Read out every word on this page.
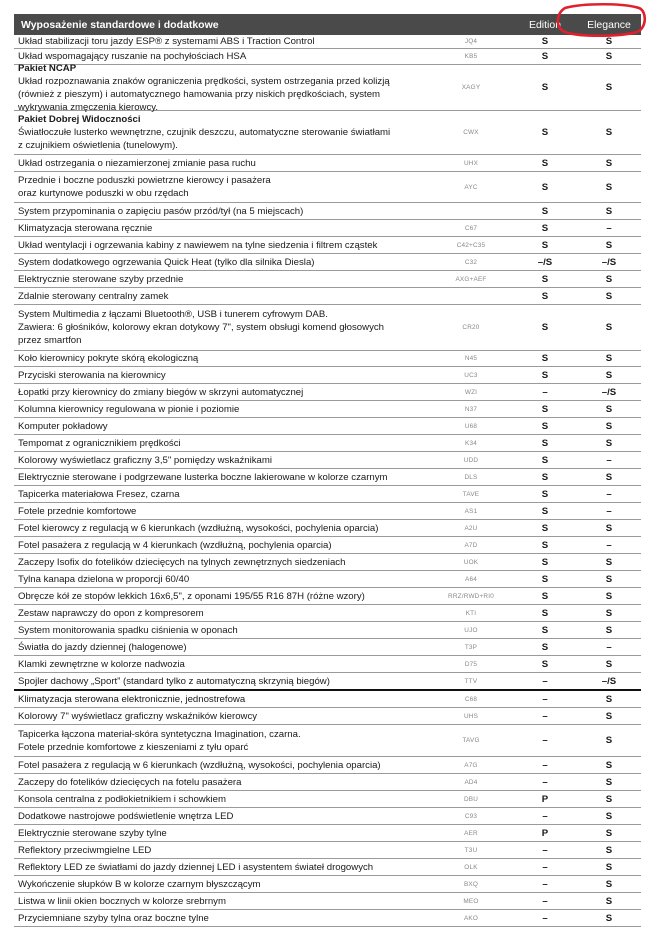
Wyposażenie standardowe i dodatkowe	Edition	Elegance
Układ stabilizacji toru jazdy ESP® z systemami ABS i Traction Control	JQ4	S	S
Układ wspomagający ruszanie na pochyłościach HSA	KB5	S	S
Pakiet NCAP
Układ rozpoznawania znaków ograniczenia prędkości, system ostrzegania przed kolizją
(również z pieszym) i automatycznego hamowania przy niskich prędkościach, system
wykrywania zmęczenia kierowcy.
XAGY	S	S
Pakiet Dobrej Widoczności
Światłoczułe lusterko wewnętrzne, czujnik deszczu, automatyczne sterowanie światłami
z czujnikiem oświetlenia (tunelowym).
CWX	S	S
Układ ostrzegania o niezamierzonej zmianie pasa ruchu	UHX	S	S
Przednie i boczne poduszki powietrzne kierowcy i pasażera
oraz kurtynowe poduszki w obu rzędach
AYC	S	S
System przypominania o zapięciu pasów przód/tył (na 5 miejscach)	S	S
Klimatyzacja sterowana ręcznie	C67	S	–
Układ wentylacji i ogrzewania kabiny z nawiewem na tylne siedzenia i filtrem cząstek	C42+C35	S	S
System dodatkowego ogrzewania Quick Heat (tylko dla silnika Diesla)	C32	–/S	–/S
Elektrycznie sterowane szyby przednie	AXG+AEF	S	S
Zdalnie sterowany centralny zamek	S	S
System Multimedia z łączami Bluetooth®, USB i tunerem cyfrowym DAB.
Zawiera: 6 głośników, kolorowy ekran dotykowy 7", system obsługi komend głosowych
przez smartfon
CR20	S	S
Koło kierownicy pokryte skórą ekologiczną	N45	S	S
Przyciski sterowania na kierownicy	UC3	S	S
Łopatki przy kierownicy do zmiany biegów w skrzyni automatycznej	WZI	–	–/S
Kolumna kierownicy regulowana w pionie i poziomie	N37	S	S
Komputer pokładowy	U68	S	S
Tempomat z ogranicznikiem prędkości	K34	S	S
Kolorowy wyświetlacz graficzny 3,5" pomiędzy wskaźnikami	UDD	S	–
Elektrycznie sterowane i podgrzewane lusterka boczne lakierowane w kolorze czarnym	DLS	S	S
Tapicerka materiałowa Fresez, czarna	TAVE	S	–
Fotele przednie komfortowe	AS1	S	–
Fotel kierowcy z regulacją w 6 kierunkach (wzdłużną, wysokości, pochylenia oparcia)	A2U	S	S
Fotel pasażera z regulacją w 4 kierunkach (wzdłużną, pochylenia oparcia)	A7D	S	–
Zaczepy Isofix do fotelików dziecięcych na tylnych zewnętrznych siedzeniach	UOK	S	S
Tylna kanapa dzielona w proporcji 60/40	A64	S	S
Obręcze kół ze stopów lekkich 16x6,5", z oponami 195/55 R16 87H (różne wzory)	RRZ/RWD+RI0	S	S
Zestaw naprawczy do opon z kompresorem	KTI	S	S
System monitorowania spadku ciśnienia w oponach	UJO	S	S
Światła do jazdy dziennej (halogenowe)	T3P	S	–
Klamki zewnętrzne w kolorze nadwozia	D75	S	S
Spojler dachowy „Sport” (standard tylko z automatyczną skrzynią biegów)	TTV	–	–/S
Klimatyzacja sterowana elektronicznie, jednostrefowa	C68	–	S
Kolorowy 7" wyświetlacz graficzny wskaźników kierowcy	UHS	–	S
Tapicerka łączona materiał-skóra syntetyczna Imagination, czarna.
Fotele przednie komfortowe z kieszeniami z tyłu oparć
TAVG	–	S
Fotel pasażera z regulacją w 6 kierunkach (wzdłużną, wysokości, pochylenia oparcia)	A7G	–	S
Zaczepy do fotelików dziecięcych na fotelu pasażera	AD4	–	S
Konsola centralna z podłokietnikiem i schowkiem	DBU	P	S
Dodatkowe nastrojowe podświetlenie wnętrza LED	C93	–	S
Elektrycznie sterowane szyby tylne	AER	P	S
Reflektory przeciwmgielne LED	T3U	–	S
Reflektory LED ze światłami do jazdy dziennej LED i asystentem świateł drogowych	OLK	–	S
Wykończenie słupków B w kolorze czarnym błyszczącym	BXQ	–	S
Listwa w linii okien bocznych w kolorze srebrnym	MEO	–	S
Przyciemniane szyby tylna oraz boczne tylne	AKO	–	S
